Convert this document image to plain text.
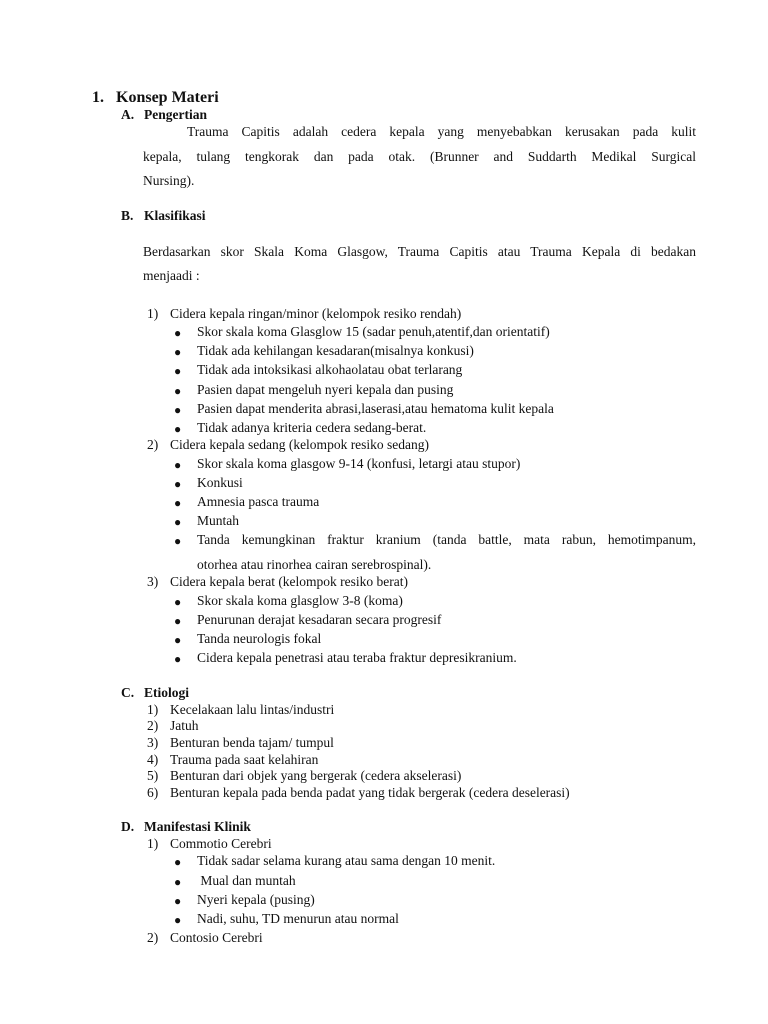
1. Konsep Materi
A. Pengertian
Trauma Capitis adalah cedera kepala yang menyebabkan kerusakan pada kulit
kepala, tulang tengkorak dan pada otak. (Brunner and Suddarth Medikal Surgical
Nursing).
B. Klasifikasi
Berdasarkan skor Skala Koma Glasgow, Trauma Capitis atau Trauma Kepala di bedakan
menjaadi :
1) Cidera kepala ringan/minor (kelompok resiko rendah)
● Skor skala koma Glasglow 15 (sadar penuh,atentif,dan orientatif)
● Tidak ada kehilangan kesadaran(misalnya konkusi)
● Tidak ada intoksikasi alkohaolatau obat terlarang
● Pasien dapat mengeluh nyeri kepala dan pusing
● Pasien dapat menderita abrasi,laserasi,atau hematoma kulit kepala
● Tidak adanya kriteria cedera sedang-berat.
2) Cidera kepala sedang (kelompok resiko sedang)
● Skor skala koma glasgow 9-14 (konfusi, letargi atau stupor)
● Konkusi
● Amnesia pasca trauma
● Muntah
● Tanda kemungkinan fraktur kranium (tanda battle, mata rabun, hemotimpanum,
otorhea atau rinorhea cairan serebrospinal).
3) Cidera kepala berat (kelompok resiko berat)
● Skor skala koma glasglow 3-8 (koma)
● Penurunan derajat kesadaran secara progresif
● Tanda neurologis fokal
● Cidera kepala penetrasi atau teraba fraktur depresikranium.
C. Etiologi
1) Kecelakaan lalu lintas/industri
2) Jatuh
3) Benturan benda tajam/ tumpul
4) Trauma pada saat kelahiran
5) Benturan dari objek yang bergerak (cedera akselerasi)
6) Benturan kepala pada benda padat yang tidak bergerak (cedera deselerasi)
D. Manifestasi Klinik
1) Commotio Cerebri
● Tidak sadar selama kurang atau sama dengan 10 menit.
● Mual dan muntah
● Nyeri kepala (pusing)
● Nadi, suhu, TD menurun atau normal
2) Contosio Cerebri
